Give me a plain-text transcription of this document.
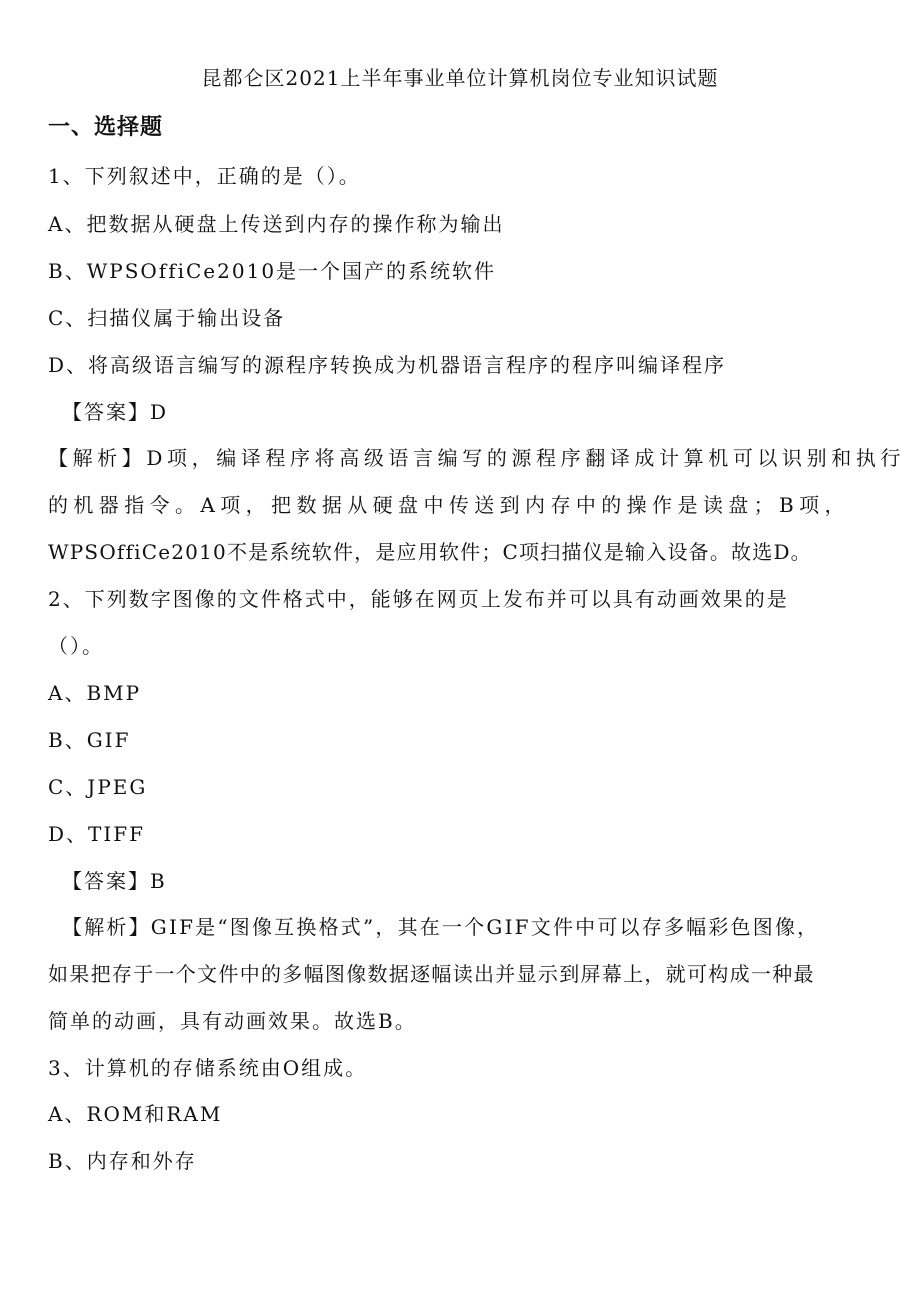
昆都仑区2021上半年事业单位计算机岗位专业知识试题
一、选择题
1、下列叙述中，正确的是（）。
A、把数据从硬盘上传送到内存的操作称为输出
B、WPSOffiCe2010是一个国产的系统软件
C、扫描仪属于输出设备
D、将高级语言编写的源程序转换成为机器语言程序的程序叫编译程序
【答案】D
【解析】D项，编译程序将高级语言编写的源程序翻译成计算机可以识别和执行
的机器指令。A项，把数据从硬盘中传送到内存中的操作是读盘；B项，
WPSOffiCe2010不是系统软件，是应用软件；C项扫描仪是输入设备。故选D。
2、下列数字图像的文件格式中，能够在网页上发布并可以具有动画效果的是
（）。
A、BMP
B、GIF
C、JPEG
D、TIFF
【答案】B
【解析】GIF是“图像互换格式”，其在一个GIF文件中可以存多幅彩色图像，
如果把存于一个文件中的多幅图像数据逐幅读出并显示到屏幕上，就可构成一种最
简单的动画，具有动画效果。故选B。
3、计算机的存储系统由O组成。
A、ROM和RAM
B、内存和外存
